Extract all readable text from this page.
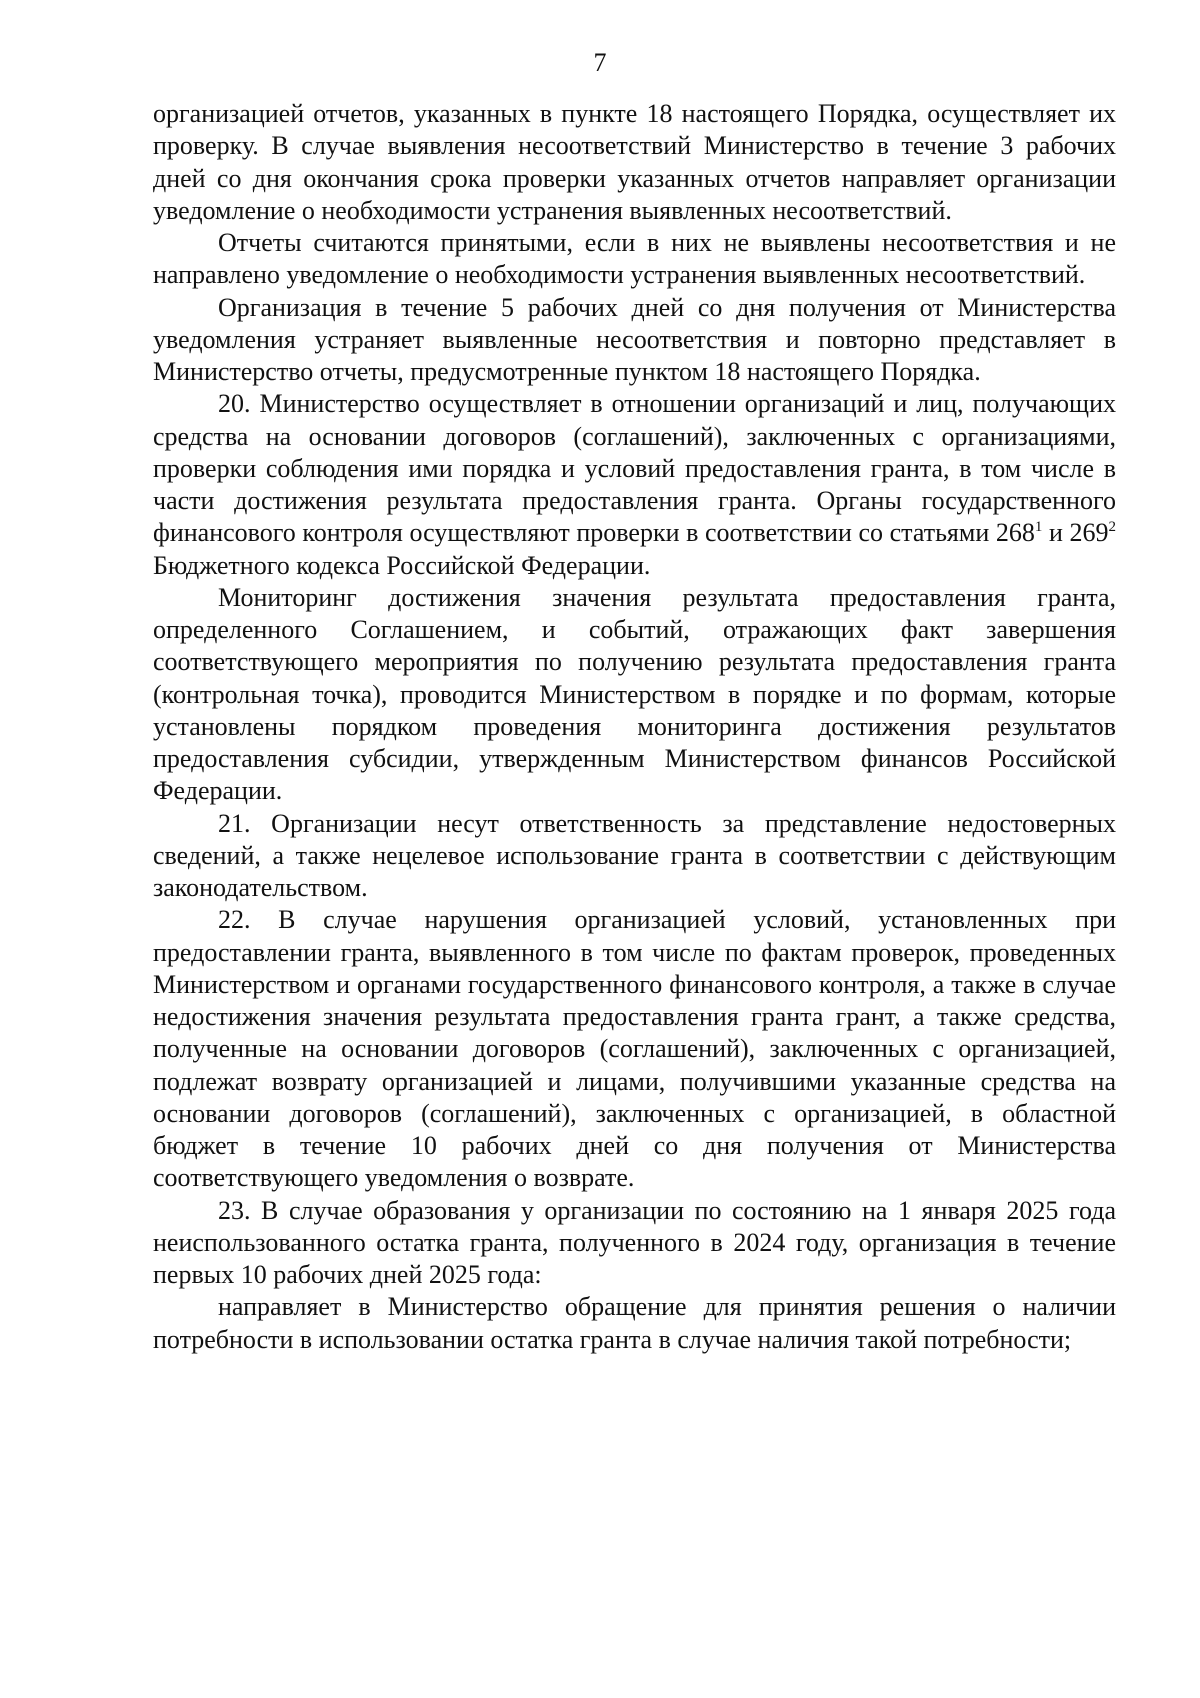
7

организацией отчетов, указанных в пункте 18 настоящего Порядка, осуществляет их проверку. В случае выявления несоответствий Министерство в течение 3 рабочих дней со дня окончания срока проверки указанных отчетов направляет организации уведомление о необходимости устранения выявленных несоответствий.

Отчеты считаются принятыми, если в них не выявлены несоответствия и не направлено уведомление о необходимости устранения выявленных несоответствий.

Организация в течение 5 рабочих дней со дня получения от Министерства уведомления устраняет выявленные несоответствия и повторно представляет в Министерство отчеты, предусмотренные пунктом 18 настоящего Порядка.

20. Министерство осуществляет в отношении организаций и лиц, получающих средства на основании договоров (соглашений), заключенных с организациями, проверки соблюдения ими порядка и условий предоставления гранта, в том числе в части достижения результата предоставления гранта. Органы государственного финансового контроля осуществляют проверки в соответствии со статьями $268^1$ и $269^2$ Бюджетного кодекса Российской Федерации.

Мониторинг достижения значения результата предоставления гранта, определенного Соглашением, и событий, отражающих факт завершения соответствующего мероприятия по получению результата предоставления гранта (контрольная точка), проводится Министерством в порядке и по формам, которые установлены порядком проведения мониторинга достижения результатов предоставления субсидии, утвержденным Министерством финансов Российской Федерации.

21. Организации несут ответственность за представление недостоверных сведений, а также нецелевое использование гранта в соответствии с действующим законодательством.

22. В случае нарушения организацией условий, установленных при предоставлении гранта, выявленного в том числе по фактам проверок, проведенных Министерством и органами государственного финансового контроля, а также в случае недостижения значения результата предоставления гранта грант, а также средства, полученные на основании договоров (соглашений), заключенных с организацией, подлежат возврату организацией и лицами, получившими указанные средства на основании договоров (соглашений), заключенных с организацией, в областной бюджет в течение 10 рабочих дней со дня получения от Министерства соответствующего уведомления о возврате.

23. В случае образования у организации по состоянию на 1 января 2025 года неиспользованного остатка гранта, полученного в 2024 году, организация в течение первых 10 рабочих дней 2025 года:

направляет в Министерство обращение для принятия решения о наличии потребности в использовании остатка гранта в случае наличия такой потребности;
